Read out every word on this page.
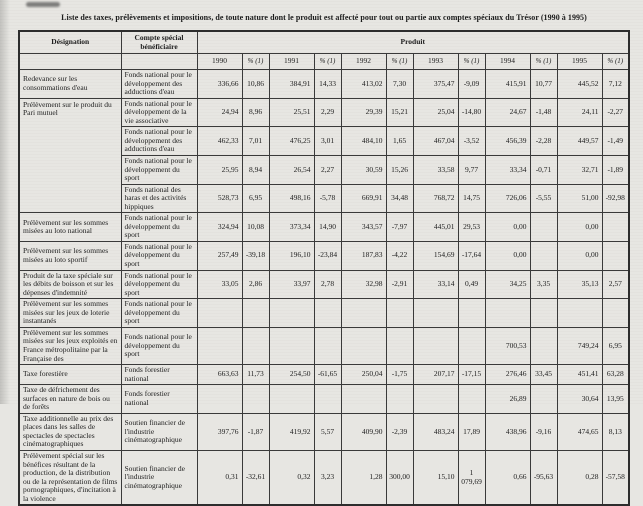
Liste des taxes, prélèvements et impositions, de toute nature dont le produit est affecté pour tout ou partie aux comptes spéciaux du Trésor (1990 à 1995)
Désignation	Compte spécial bénéficiaire	Produit											
		1990	% (1)	1991	% (1)	1992	% (1)	1993	% (1)	1994	% (1)	1995	% (1)
Redevance sur les consommations d'eau	Fonds national pour le développement des adductions d'eau	336,66	10,86	384,91	14,33	413,02	7,30	375,47	-9,09	415,91	10,77	445,52	7,12
Prélèvement sur le produit du Pari mutuel	Fonds national pour le développement de la vie associative	24,94	8,96	25,51	2,29	29,39	15,21	25,04	-14,80	24,67	-1,48	24,11	-2,27
	Fonds national pour le développement des adductions d'eau	462,33	7,01	476,25	3,01	484,10	1,65	467,04	-3,52	456,39	-2,28	449,57	-1,49
	Fonds national pour le développement du sport	25,95	8,94	26,54	2,27	30,59	15,26	33,58	9,77	33,34	-0,71	32,71	-1,89
	Fonds national des haras et des activités hippiques	528,73	6,95	498,16	-5,78	669,91	34,48	768,72	14,75	726,06	-5,55	51,00	-92,98
Prélèvement sur les sommes misées au loto national	Fonds national pour le développement du sport	324,94	10,08	373,34	14,90	343,57	-7,97	445,01	29,53	0,00		0,00	
Prélèvement sur les sommes misées au loto sportif	Fonds national pour le développement du sport	257,49	-39,18	196,10	-23,84	187,83	-4,22	154,69	-17,64	0,00		0,00	
Produit de la taxe spéciale sur les débits de boisson et sur les dépenses d'indemnité	Fonds national pour le développement du sport	33,05	2,86	33,97	2,78	32,98	-2,91	33,14	0,49	34,25	3,35	35,13	2,57
Prélèvement sur les sommes misées sur les jeux de loterie instantanés	Fonds national pour le développement du sport												
Prélèvement sur les sommes misées sur les jeux exploités en France métropolitaine par la Française des	Fonds national pour le développement du sport									700,53		749,24	6,95
Taxe forestière	Fonds forestier national	663,63	11,73	254,50	-61,65	250,04	-1,75	207,17	-17,15	276,46	33,45	451,41	63,28
Taxe de défrichement des surfaces en nature de bois ou de forêts	Fonds forestier national									26,89		30,64	13,95
Taxe additionnelle au prix des places dans les salles de spectacles de spectacles cinématographiques	Soutien financier de l'industrie cinématographique	397,76	-1,87	419,92	5,57	409,90	-2,39	483,24	17,89	438,96	-9,16	474,65	8,13
Prélèvement spécial sur les bénéfices résultant de la production, de la distribution ou de la représentation de films pornographiques, d'incitation à la violence	Soutien financier de l'industrie cinématographique	0,31	-32,61	0,32	3,23	1,28	300,00	15,10	1 079,69	0,66	-95,63	0,28	-57,58
